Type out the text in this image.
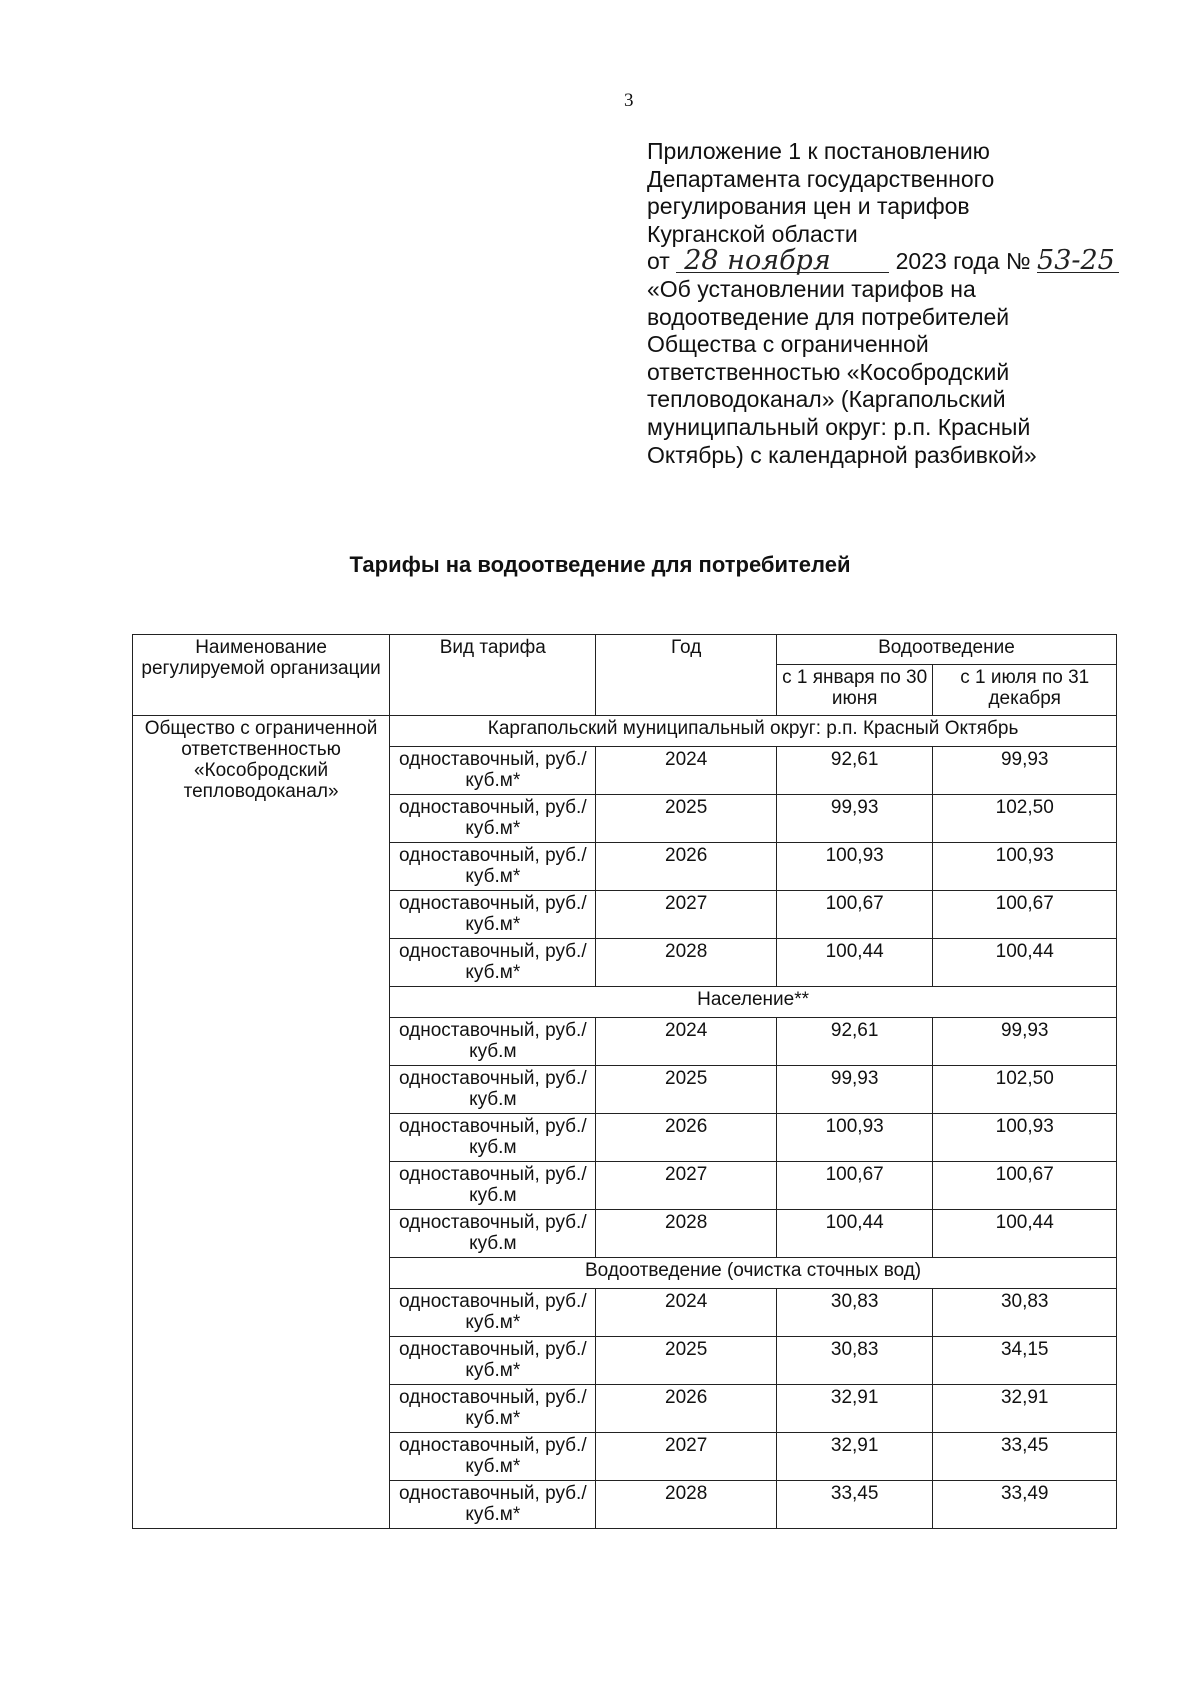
3
Приложение 1 к постановлению
Департамента государственного
регулирования цен и тарифов
Курганской области
от 28 ноября	2023 года № 53-25
«Об установлении тарифов на
водоотведение для потребителей
Общества с ограниченной
ответственностью «Кособродский
тепловодоканал» (Каргапольский
муниципальный округ: р.п. Красный
Октябрь) с календарной разбивкой»
Тарифы на водоотведение для потребителей
Наименование регулируемой организации	Вид тарифа	Год	Водоотведение	
			с 1 января по 30 июня	с 1 июля по 31 декабря
Общество с ограниченной ответственностью «Кособродский тепловодоканал»	Каргапольский муниципальный округ: р.п. Красный Октябрь			
	одноставочный, руб./куб.м*	2024	92,61	99,93
	одноставочный, руб./куб.м*	2025	99,93	102,50
	одноставочный, руб./куб.м*	2026	100,93	100,93
	одноставочный, руб./куб.м*	2027	100,67	100,67
	одноставочный, руб./куб.м*	2028	100,44	100,44
	Население**			
	одноставочный, руб./куб.м	2024	92,61	99,93
	одноставочный, руб./куб.м	2025	99,93	102,50
	одноставочный, руб./куб.м	2026	100,93	100,93
	одноставочный, руб./куб.м	2027	100,67	100,67
	одноставочный, руб./куб.м	2028	100,44	100,44
	Водоотведение (очистка сточных вод)			
	одноставочный, руб./куб.м*	2024	30,83	30,83
	одноставочный, руб./куб.м*	2025	30,83	34,15
	одноставочный, руб./куб.м*	2026	32,91	32,91
	одноставочный, руб./куб.м*	2027	32,91	33,45
	одноставочный, руб./куб.м*	2028	33,45	33,49
